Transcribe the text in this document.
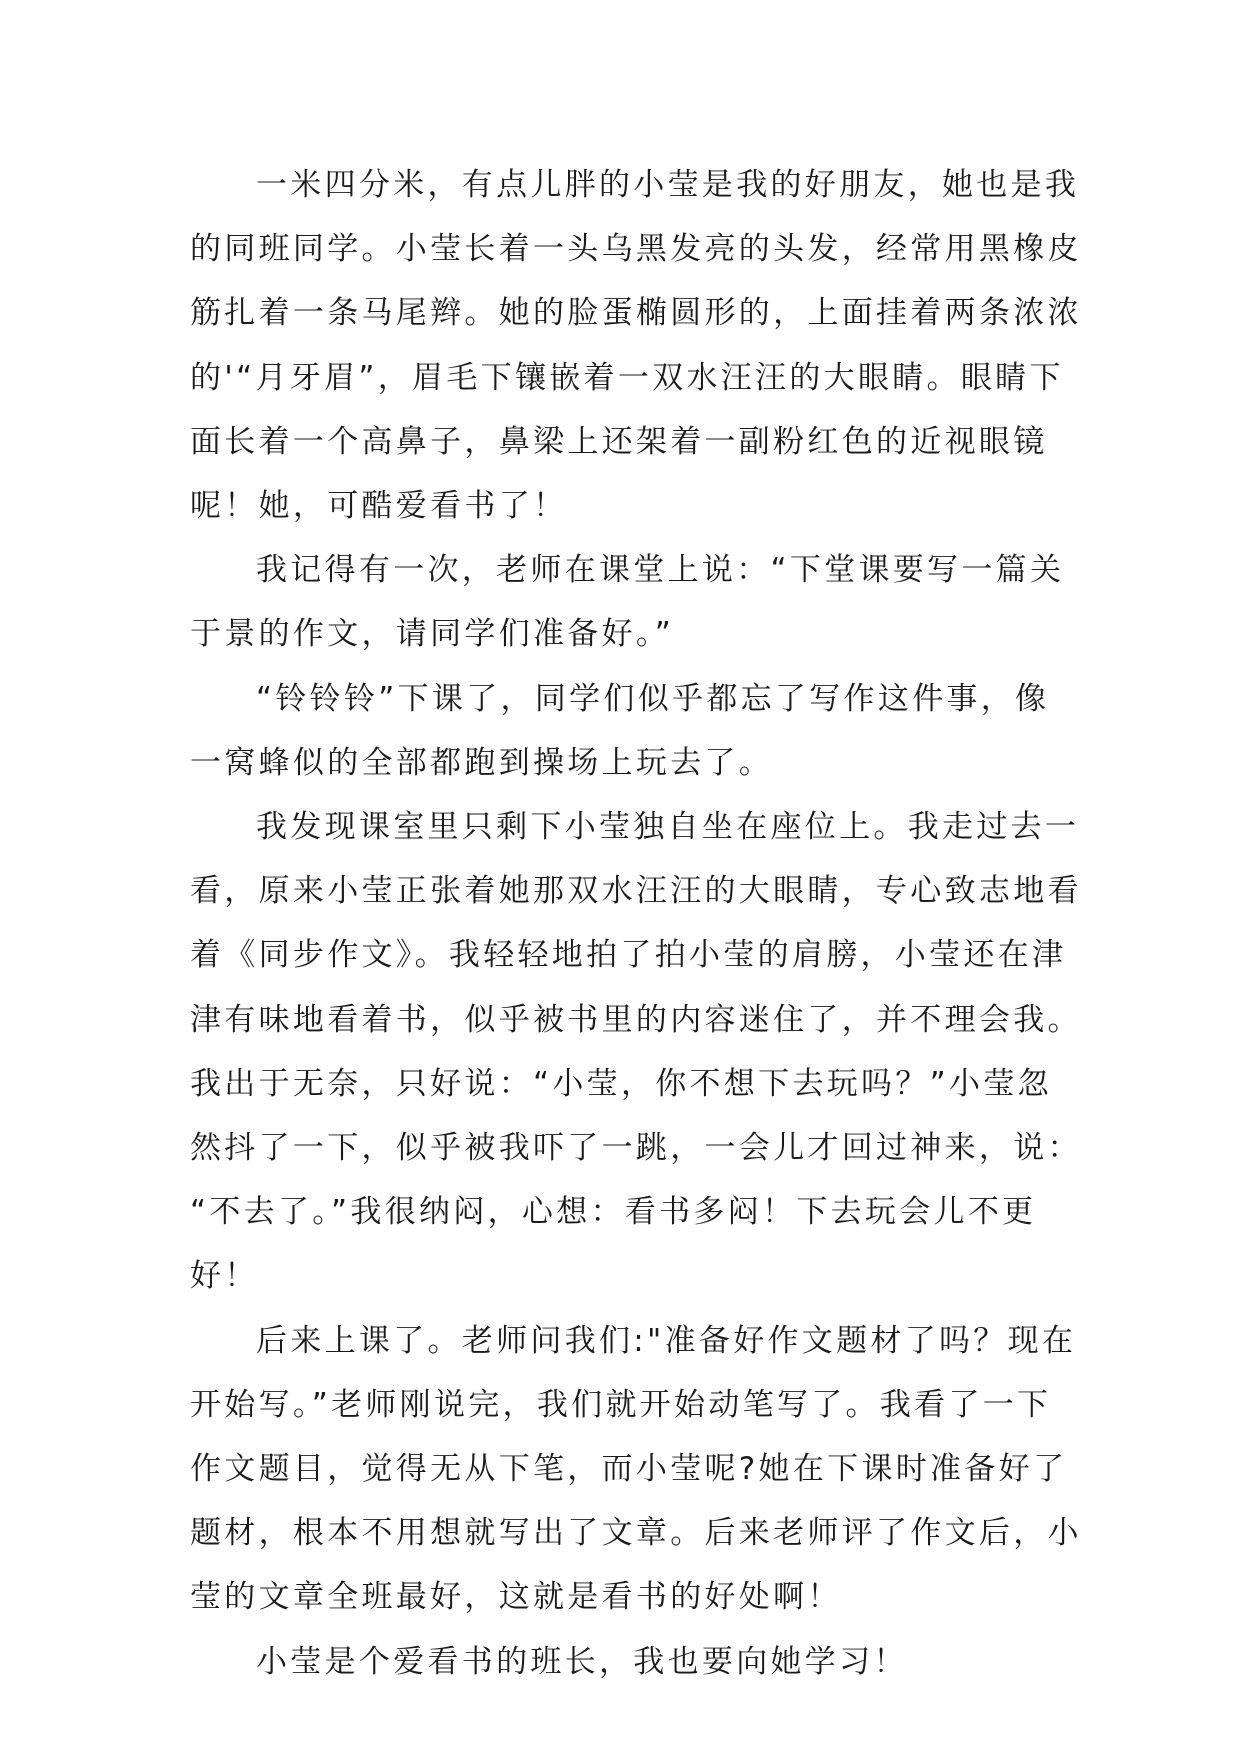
一米四分米，有点儿胖的小莹是我的好朋友，她也是我
的同班同学。小莹长着一头乌黑发亮的头发，经常用黑橡皮
筋扎着一条马尾辫。她的脸蛋椭圆形的，上面挂着两条浓浓
的'“月牙眉”，眉毛下镶嵌着一双水汪汪的大眼睛。眼睛下
面长着一个高鼻子，鼻梁上还架着一副粉红色的近视眼镜
呢！她，可酷爱看书了！
我记得有一次，老师在课堂上说：“下堂课要写一篇关
于景的作文，请同学们准备好。”
“铃铃铃”下课了，同学们似乎都忘了写作这件事，像
一窝蜂似的全部都跑到操场上玩去了。
我发现课室里只剩下小莹独自坐在座位上。我走过去一
看，原来小莹正张着她那双水汪汪的大眼睛，专心致志地看
着《同步作文》。我轻轻地拍了拍小莹的肩膀，小莹还在津
津有味地看着书，似乎被书里的内容迷住了，并不理会我。
我出于无奈，只好说：“小莹，你不想下去玩吗？”小莹忽
然抖了一下，似乎被我吓了一跳，一会儿才回过神来，说：
“不去了。”我很纳闷，心想：看书多闷！下去玩会儿不更
好！
后来上课了。老师问我们:"准备好作文题材了吗？现在
开始写。”老师刚说完，我们就开始动笔写了。我看了一下
作文题目，觉得无从下笔，而小莹呢?她在下课时准备好了
题材，根本不用想就写出了文章。后来老师评了作文后，小
莹的文章全班最好，这就是看书的好处啊！
小莹是个爱看书的班长，我也要向她学习！
